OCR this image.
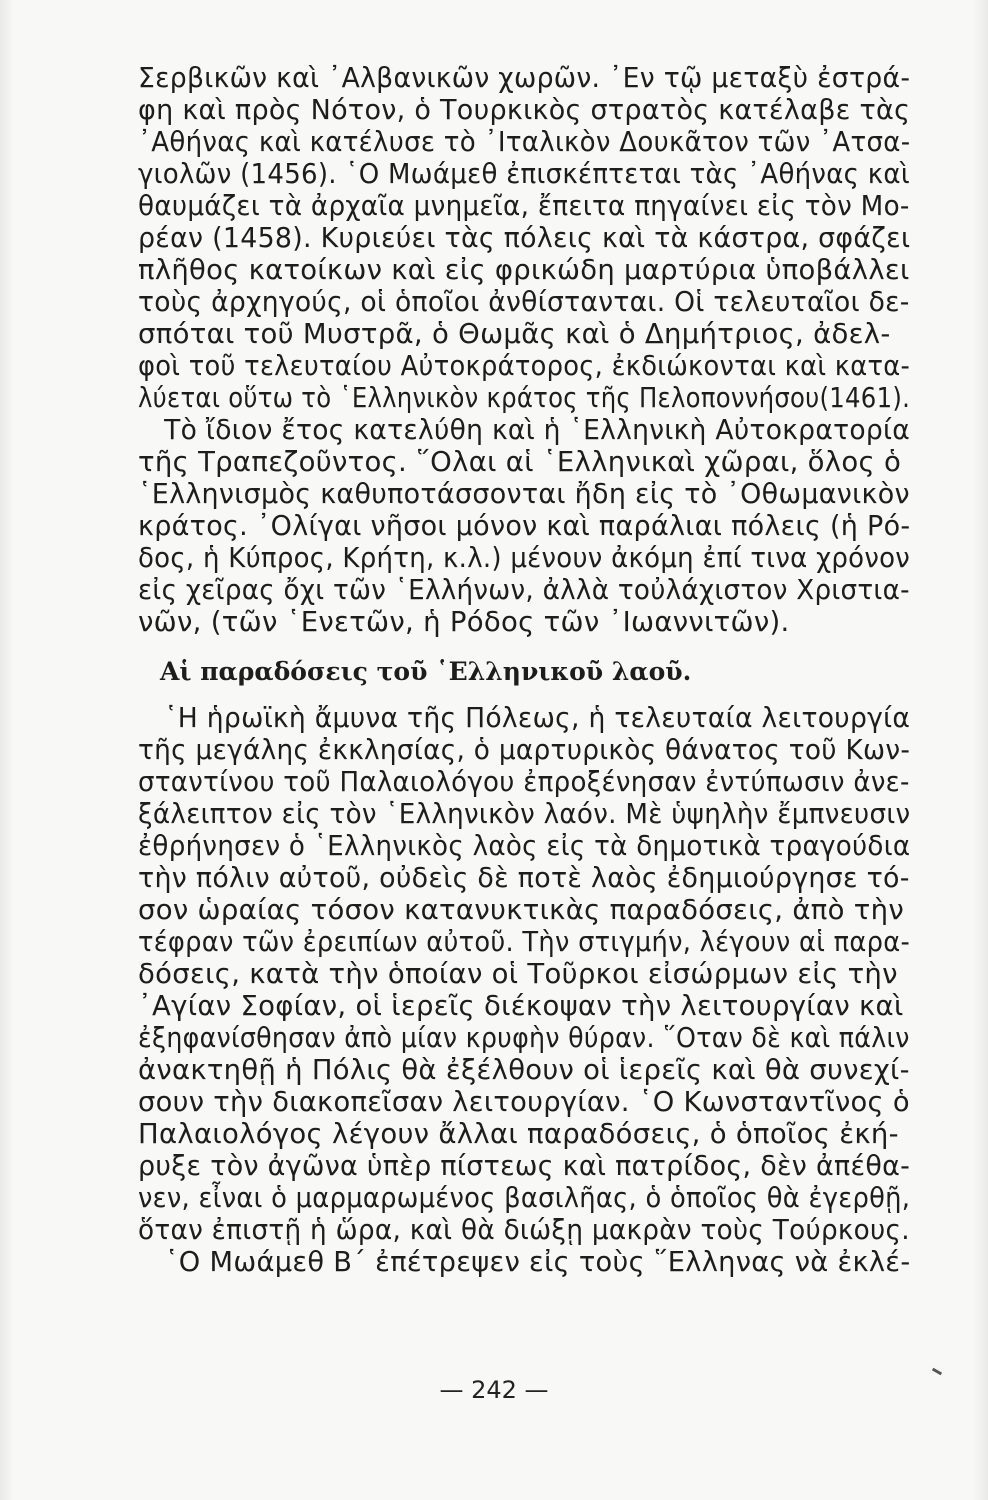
Σερβικῶν καὶ ᾿Αλβανικῶν χωρῶν. ᾿Εν τῷ μεταξὺ ἐστρά-
φη καὶ πρὸς Νότον, ὁ Τουρκικὸς στρατὸς κατέλαβε τὰς
᾿Αθήνας καὶ κατέλυσε τὸ ᾿Ιταλικὸν Δουκᾶτον τῶν ᾿Ατσα-
γιολῶν (1456). ῾Ο Μωάμεθ ἐπισκέπτεται τὰς ᾿Αθήνας καὶ
θαυμάζει τὰ ἀρχαῖα μνημεῖα, ἔπειτα πηγαίνει εἰς τὸν Μο-
ρέαν (1458). Κυριεύει τὰς πόλεις καὶ τὰ κάστρα, σφάζει
πλῆθος κατοίκων καὶ εἰς φρικώδη μαρτύρια ὑποβάλλει
τοὺς ἀρχηγούς, οἱ ὁποῖοι ἀνθίστανται. Οἱ τελευταῖοι δε-
σπόται τοῦ Μυστρᾶ, ὁ Θωμᾶς καὶ ὁ Δημήτριος, ἀδελ-
φοὶ τοῦ τελευταίου Αὐτοκράτορος, ἐκδιώκονται καὶ κατα-
λύεται οὕτω τὸ ῾Ελληνικὸν κράτος τῆς Πελοποννήσου(1461).
Τὸ ἴδιον ἔτος κατελύθη καὶ ἡ ῾Ελληνικὴ Αὐτοκρατορία
τῆς Τραπεζοῦντος. ῞Ολαι αἱ ῾Ελληνικαὶ χῶραι, ὅλος ὁ
῾Ελληνισμὸς καθυποτάσσονται ἤδη εἰς τὸ ᾿Οθωμανικὸν
κράτος. ᾿Ολίγαι νῆσοι μόνον καὶ παράλιαι πόλεις (ἡ Ρό-
δος, ἡ Κύπρος, Κρήτη, κ.λ.) μένουν ἀκόμη ἐπί τινα χρόνον
εἰς χεῖρας ὄχι τῶν ῾Ελλήνων, ἀλλὰ τοὐλάχιστον Χριστια-
νῶν, (τῶν ῾Ενετῶν, ἡ Ρόδος τῶν ᾿Ιωαννιτῶν).
Αἱ παραδόσεις τοῦ ῾Ελληνικοῦ λαοῦ.
῾Η ἡρωϊκὴ ἄμυνα τῆς Πόλεως, ἡ τελευταία λειτουργία
τῆς μεγάλης ἐκκλησίας, ὁ μαρτυρικὸς θάνατος τοῦ Κων-
σταντίνου τοῦ Παλαιολόγου ἐπροξένησαν ἐντύπωσιν ἀνε-
ξάλειπτον εἰς τὸν ῾Ελληνικὸν λαόν. Μὲ ὑψηλὴν ἔμπνευσιν
ἐθρήνησεν ὁ ῾Ελληνικὸς λαὸς εἰς τὰ δημοτικὰ τραγούδια
τὴν πόλιν αὐτοῦ, οὐδεὶς δὲ ποτὲ λαὸς ἐδημιούργησε τό-
σον ὡραίας τόσον κατανυκτικὰς παραδόσεις, ἀπὸ τὴν
τέφραν τῶν ἐρειπίων αὐτοῦ. Τὴν στιγμήν, λέγουν αἱ παρα-
δόσεις, κατὰ τὴν ὁποίαν οἱ Τοῦρκοι εἰσώρμων εἰς τὴν
᾿Αγίαν Σοφίαν, οἱ ἱερεῖς διέκοψαν τὴν λειτουργίαν καὶ
ἐξηφανίσθησαν ἀπὸ μίαν κρυφὴν θύραν. ῞Οταν δὲ καὶ πάλιν
ἀνακτηθῇ ἡ Πόλις θὰ ἐξέλθουν οἱ ἱερεῖς καὶ θὰ συνεχί-
σουν τὴν διακοπεῖσαν λειτουργίαν. ῾Ο Κωνσταντῖνος ὁ
Παλαιολόγος λέγουν ἄλλαι παραδόσεις, ὁ ὁποῖος ἐκή-
ρυξε τὸν ἀγῶνα ὑπὲρ πίστεως καὶ πατρίδος, δὲν ἀπέθα-
νεν, εἶναι ὁ μαρμαρωμένος βασιλῆας, ὁ ὁποῖος θὰ ἐγερθῇ,
ὅταν ἐπιστῇ ἡ ὥρα, καὶ θὰ διώξῃ μακρὰν τοὺς Τούρκους.
῾Ο Μωάμεθ Β΄ ἐπέτρεψεν εἰς τοὺς ῞Ελληνας νὰ ἐκλέ-
— 242 —
